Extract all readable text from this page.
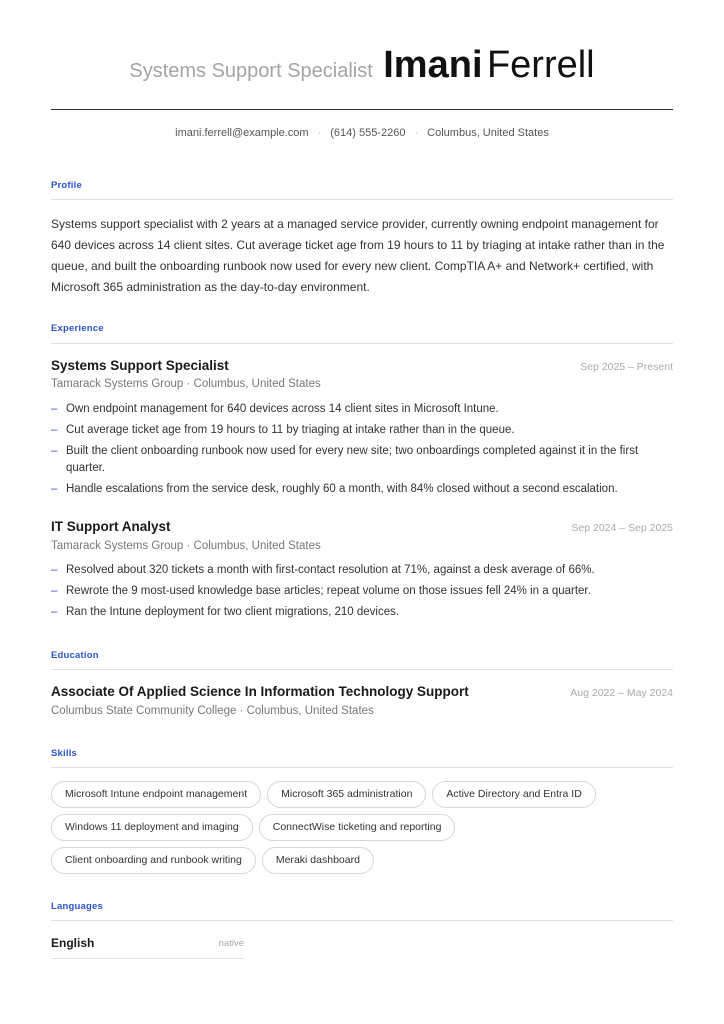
Systems Support Specialist Imani Ferrell
imani.ferrell@example.com · (614) 555-2260 · Columbus, United States
Profile
Systems support specialist with 2 years at a managed service provider, currently owning endpoint management for 640 devices across 14 client sites. Cut average ticket age from 19 hours to 11 by triaging at intake rather than in the queue, and built the onboarding runbook now used for every new client. CompTIA A+ and Network+ certified, with Microsoft 365 administration as the day-to-day environment.
Experience
Systems Support Specialist	Sep 2025 – Present
Tamarack Systems Group · Columbus, United States
– Own endpoint management for 640 devices across 14 client sites in Microsoft Intune.
– Cut average ticket age from 19 hours to 11 by triaging at intake rather than in the queue.
– Built the client onboarding runbook now used for every new site; two onboardings completed against it in the first quarter.
– Handle escalations from the service desk, roughly 60 a month, with 84% closed without a second escalation.
IT Support Analyst	Sep 2024 – Sep 2025
Tamarack Systems Group · Columbus, United States
– Resolved about 320 tickets a month with first-contact resolution at 71%, against a desk average of 66%.
– Rewrote the 9 most-used knowledge base articles; repeat volume on those issues fell 24% in a quarter.
– Ran the Intune deployment for two client migrations, 210 devices.
Education
Associate Of Applied Science In Information Technology Support	Aug 2022 – May 2024
Columbus State Community College · Columbus, United States
Skills
Microsoft Intune endpoint management	Microsoft 365 administration	Active Directory and Entra ID
Windows 11 deployment and imaging	ConnectWise ticketing and reporting
Client onboarding and runbook writing	Meraki dashboard
Languages
English	native
